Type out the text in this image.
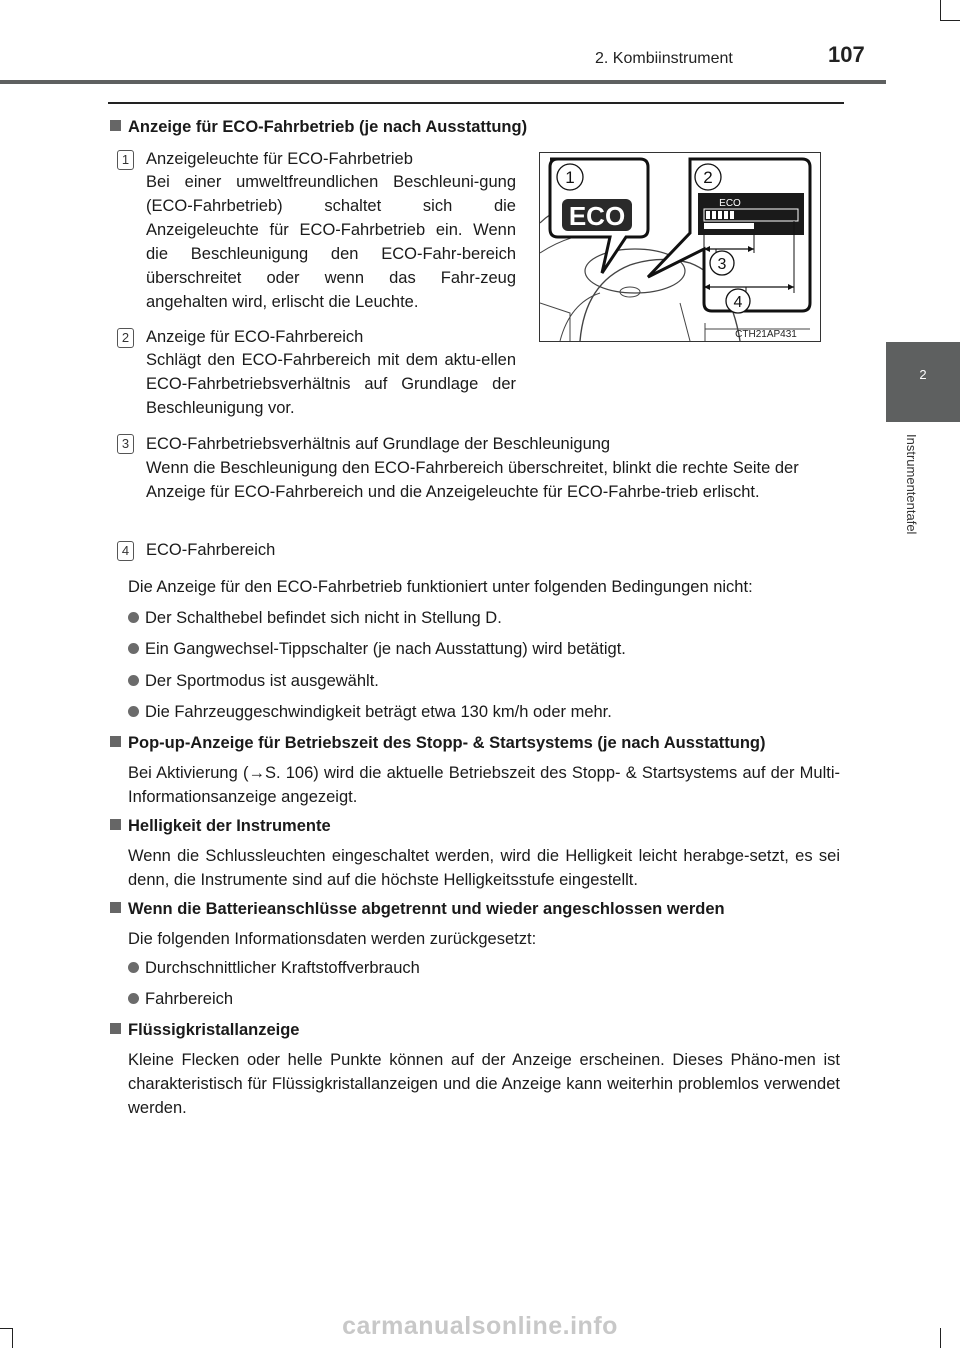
2. Kombiinstrument	107
2
Instrumententafel
Anzeige für ECO-Fahrbetrieb (je nach Ausstattung)
1 Anzeigeleuchte für ECO-Fahrbetrieb
Bei einer umweltfreundlichen Beschleuni-gung (ECO-Fahrbetrieb) schaltet sich die Anzeigeleuchte für ECO-Fahrbetrieb ein. Wenn die Beschleunigung den ECO-Fahr-bereich überschreitet oder wenn das Fahr-zeug angehalten wird, erlischt die Leuchte.
2 Anzeige für ECO-Fahrbereich
Schlägt den ECO-Fahrbereich mit dem aktu-ellen ECO-Fahrbetriebsverhältnis auf Grundlage der Beschleunigung vor.
3 ECO-Fahrbetriebsverhältnis auf Grundlage der Beschleunigung
Wenn die Beschleunigung den ECO-Fahrbereich überschreitet, blinkt die rechte Seite der Anzeige für ECO-Fahrbereich und die Anzeigeleuchte für ECO-Fahrbe-trieb erlischt.
4 ECO-Fahrbereich
Die Anzeige für den ECO-Fahrbetrieb funktioniert unter folgenden Bedingungen nicht:
Der Schalthebel befindet sich nicht in Stellung D.
Ein Gangwechsel-Tippschalter (je nach Ausstattung) wird betätigt.
Der Sportmodus ist ausgewählt.
Die Fahrzeuggeschwindigkeit beträgt etwa 130 km/h oder mehr.
1	2
3
4
ECO	ECO
CTH21AP431
Pop-up-Anzeige für Betriebszeit des Stopp- & Startsystems (je nach Ausstattung)
Bei Aktivierung (→S. 106) wird die aktuelle Betriebszeit des Stopp- & Startsystems auf der Multi-Informationsanzeige angezeigt.
Helligkeit der Instrumente
Wenn die Schlussleuchten eingeschaltet werden, wird die Helligkeit leicht herabge-setzt, es sei denn, die Instrumente sind auf die höchste Helligkeitsstufe eingestellt.
Wenn die Batterieanschlüsse abgetrennt und wieder angeschlossen werden
Die folgenden Informationsdaten werden zurückgesetzt:
Durchschnittlicher Kraftstoffverbrauch
Fahrbereich
Flüssigkristallanzeige
Kleine Flecken oder helle Punkte können auf der Anzeige erscheinen. Dieses Phäno-men ist charakteristisch für Flüssigkristallanzeigen und die Anzeige kann weiterhin problemlos verwendet werden.
carmanualsonline.info
